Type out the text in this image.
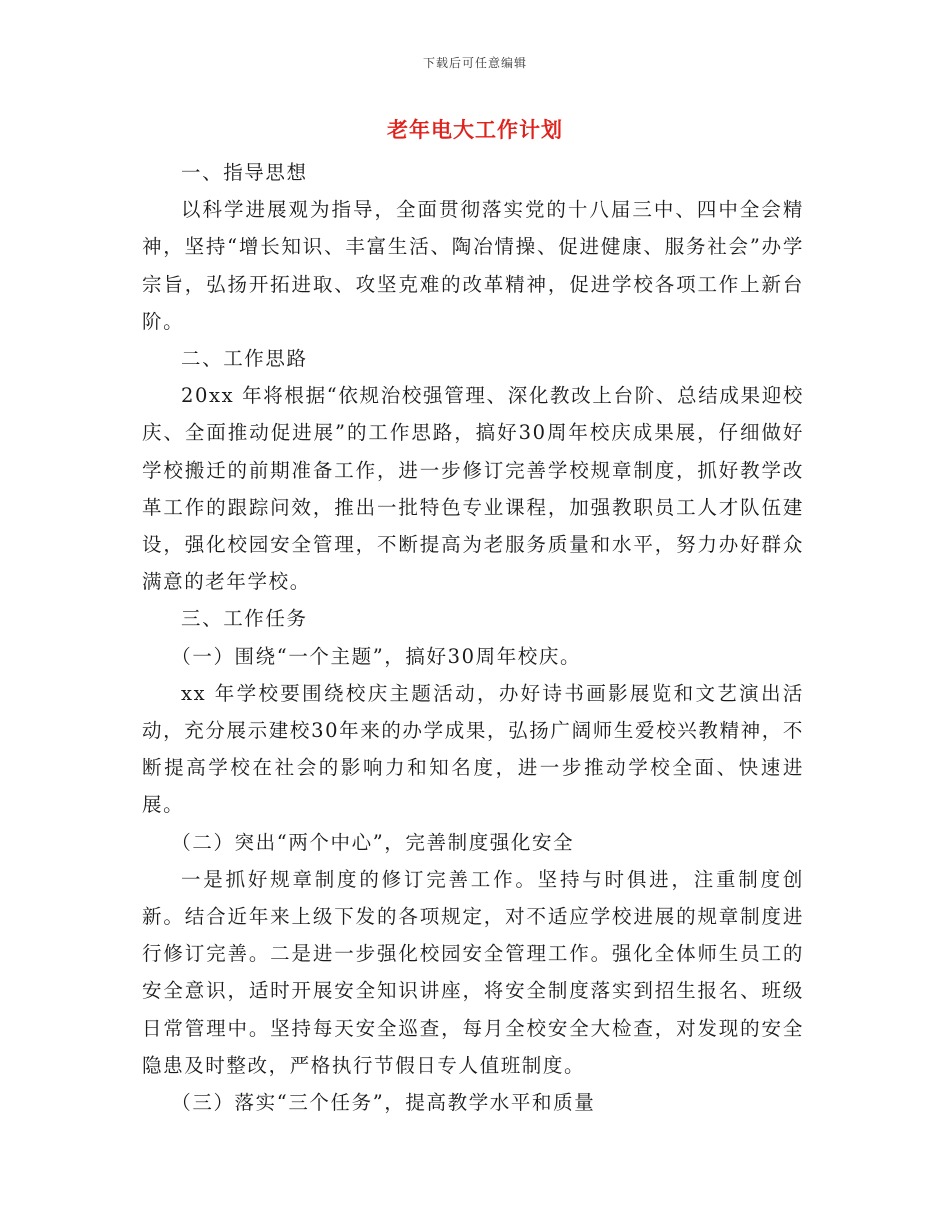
下载后可任意编辑
老年电大工作计划

一、指导思想

以科学进展观为指导，全面贯彻落实党的十八届三中、四中全会精神，坚持“增长知识、丰富生活、陶冶情操、促进健康、服务社会”办学宗旨，弘扬开拓进取、攻坚克难的改革精神，促进学校各项工作上新台阶。

二、工作思路

20xx 年将根据“依规治校强管理、深化教改上台阶、总结成果迎校庆、全面推动促进展”的工作思路，搞好30周年校庆成果展，仔细做好学校搬迁的前期准备工作，进一步修订完善学校规章制度，抓好教学改革工作的跟踪问效，推出一批特色专业课程，加强教职员工人才队伍建设，强化校园安全管理，不断提高为老服务质量和水平，努力办好群众满意的老年学校。

三、工作任务

（一）围绕“一个主题”，搞好30周年校庆。

xx 年学校要围绕校庆主题活动，办好诗书画影展览和文艺演出活动，充分展示建校30年来的办学成果，弘扬广阔师生爱校兴教精神，不断提高学校在社会的影响力和知名度，进一步推动学校全面、快速进展。

（二）突出“两个中心”，完善制度强化安全

一是抓好规章制度的修订完善工作。坚持与时俱进，注重制度创新。结合近年来上级下发的各项规定，对不适应学校进展的规章制度进行修订完善。二是进一步强化校园安全管理工作。强化全体师生员工的安全意识，适时开展安全知识讲座，将安全制度落实到招生报名、班级日常管理中。坚持每天安全巡查，每月全校安全大检查，对发现的安全隐患及时整改，严格执行节假日专人值班制度。

（三）落实“三个任务”，提高教学水平和质量
